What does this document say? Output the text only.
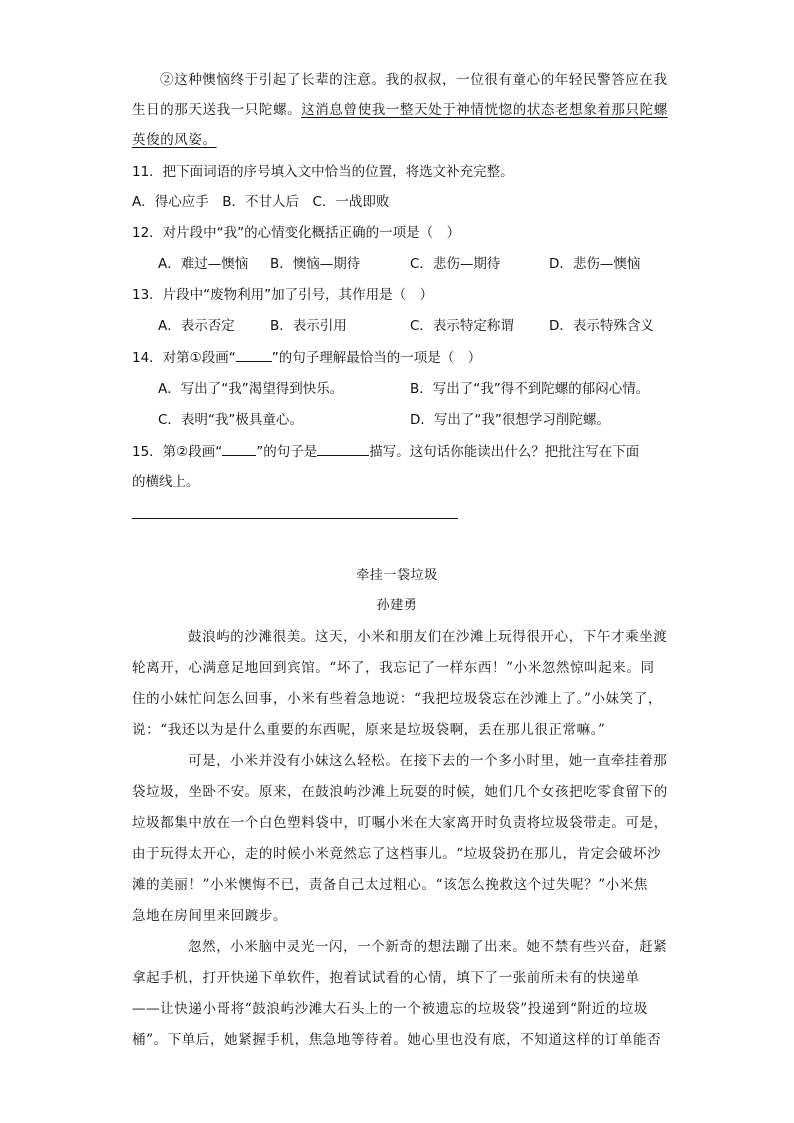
②这种懊恼终于引起了长辈的注意。我的叔叔，一位很有童心的年轻民警答应在我
生日的那天送我一只陀螺。这消息曾使我一整天处于神情恍惚的状态老想象着那只陀螺
英俊的风姿。
11．把下面词语的序号填入文中恰当的位置，将选文补充完整。
A．得心应手　B．不甘人后　C．一战即败
12．对片段中“我”的心情变化概括正确的一项是（　）
A．难过—懊恼 B．懊恼—期待	C．悲伤—期待	D．悲伤—懊恼
13．片段中“废物利用”加了引号，其作用是（　）
A．表示否定	B．表示引用	C．表示特定称谓	D．表示特殊含义
14．对第①段画“	”的句子理解最恰当的一项是（　）
A．写出了“我”渴望得到快乐。	B．写出了“我”得不到陀螺的郁闷心情。
C．表明“我”极具童心。	D．写出了“我”很想学习削陀螺。
15．第②段画“	”的句子是	描写。这句话你能读出什么？把批注写在下面
的横线上。
牵挂一袋垃圾
孙建勇
鼓浪屿的沙滩很美。这天，小米和朋友们在沙滩上玩得很开心，下午才乘坐渡
轮离开，心满意足地回到宾馆。“坏了，我忘记了一样东西！”小米忽然惊叫起来。同
住的小妹忙问怎么回事，小米有些着急地说：“我把垃圾袋忘在沙滩上了。”小妹笑了，
说：“我还以为是什么重要的东西呢，原来是垃圾袋啊，丢在那儿很正常嘛。”
可是，小米并没有小妹这么轻松。在接下去的一个多小时里，她一直牵挂着那
袋垃圾，坐卧不安。原来，在鼓浪屿沙滩上玩耍的时候，她们几个女孩把吃零食留下的
垃圾都集中放在一个白色塑料袋中，叮嘱小米在大家离开时负责将垃圾袋带走。可是，
由于玩得太开心，走的时候小米竟然忘了这档事儿。“垃圾袋扔在那儿，肯定会破坏沙
滩的美丽！”小米懊悔不已，责备自己太过粗心。“该怎么挽救这个过失呢？”小米焦
急地在房间里来回踱步。
忽然，小米脑中灵光一闪，一个新奇的想法蹦了出来。她不禁有些兴奋，赶紧
拿起手机，打开快递下单软件，抱着试试看的心情，填下了一张前所未有的快递单
——让快递小哥将“鼓浪屿沙滩大石头上的一个被遗忘的垃圾袋”投递到“附近的垃圾
桶”。下单后，她紧握手机，焦急地等待着。她心里也没有底，不知道这样的订单能否
